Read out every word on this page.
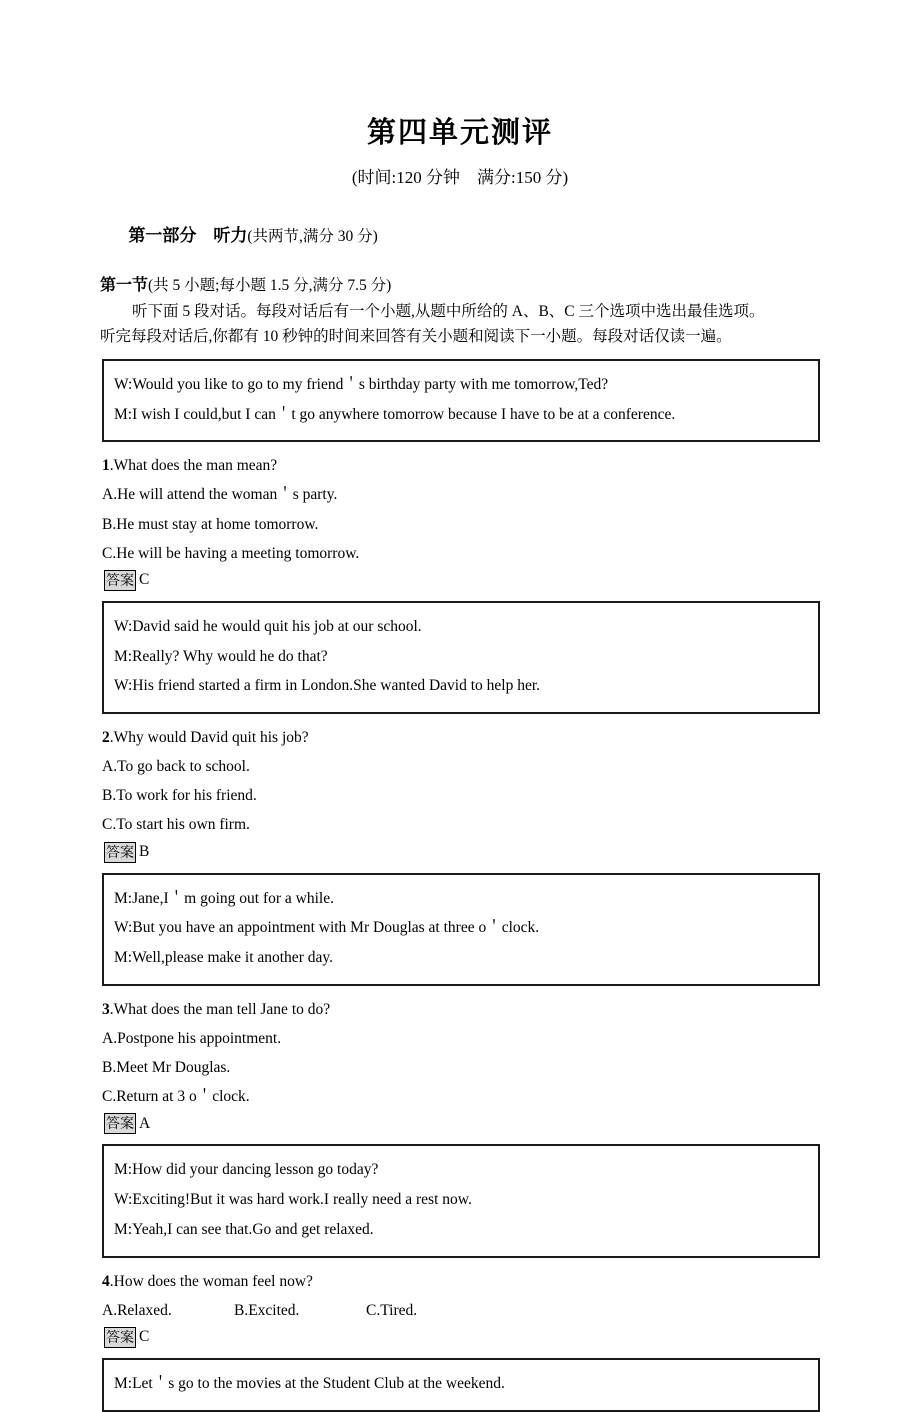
第四单元测评
(时间:120 分钟　满分:150 分)

第一部分　听力(共两节,满分 30 分)

第一节(共 5 小题;每小题 1.5 分,满分 7.5 分)
听下面 5 段对话。每段对话后有一个小题,从题中所给的 A、B、C 三个选项中选出最佳选项。
听完每段对话后,你都有 10 秒钟的时间来回答有关小题和阅读下一小题。每段对话仅读一遍。
W:Would you like to go to my friend＇s birthday party with me tomorrow,Ted?
M:I wish I could,but I can＇t go anywhere tomorrow because I have to be at a conference.
1.What does the man mean?
A.He will attend the woman＇s party.
B.He must stay at home tomorrow.
C.He will be having a meeting tomorrow.
答案 C
W:David said he would quit his job at our school.
M:Really? Why would he do that?
W:His friend started a firm in London.She wanted David to help her.
2.Why would David quit his job?
A.To go back to school.
B.To work for his friend.
C.To start his own firm.
答案 B
M:Jane,I＇m going out for a while.
W:But you have an appointment with Mr Douglas at three o＇clock.
M:Well,please make it another day.
3.What does the man tell Jane to do?
A.Postpone his appointment.
B.Meet Mr Douglas.
C.Return at 3 o＇clock.
答案 A
M:How did your dancing lesson go today?
W:Exciting!But it was hard work.I really need a rest now.
M:Yeah,I can see that.Go and get relaxed.
4.How does the woman feel now?
A.Relaxed.	B.Excited.	C.Tired.
答案 C
M:Let＇s go to the movies at the Student Club at the weekend.
